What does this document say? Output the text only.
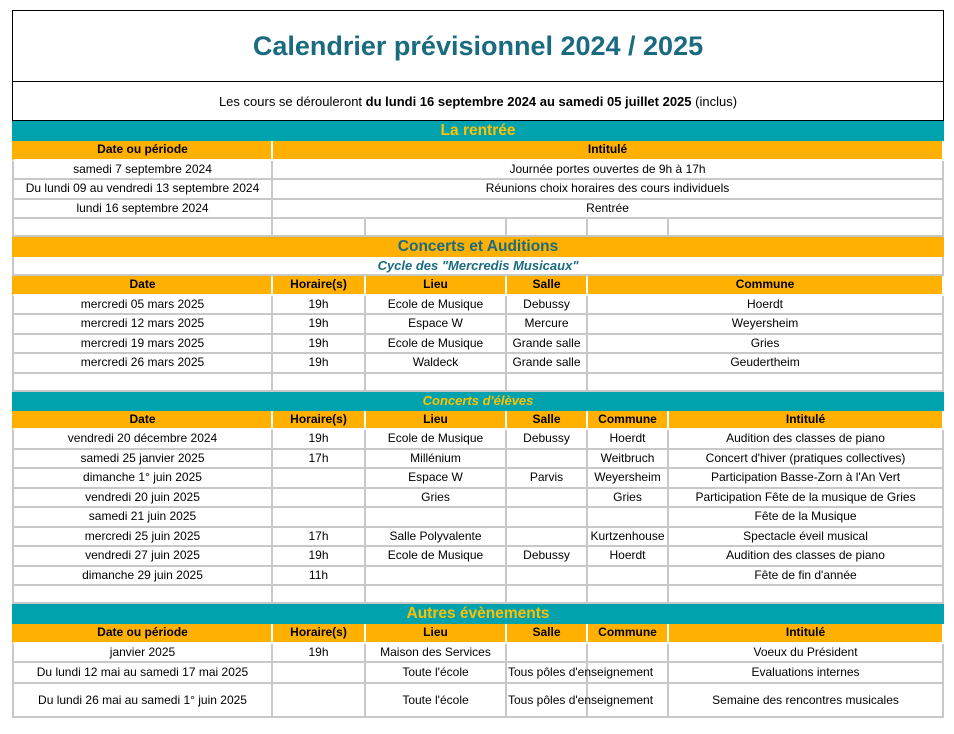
Calendrier prévisionnel 2024 / 2025
Les cours se dérouleront du lundi 16 septembre 2024 au samedi 05 juillet 2025 (inclus)
La rentrée					
Date ou période	Intitulé				
samedi 7 septembre 2024	Journée portes ouvertes de 9h à 17h				
Du lundi 09 au vendredi 13 septembre 2024	Réunions choix horaires des cours individuels				
lundi 16 septembre 2024	Rentrée				

Concerts et Auditions					
Cycle des "Mercredis Musicaux"					
Date	Horaire(s)	Lieu	Salle	Commune	
mercredi 05 mars 2025	19h	Ecole de Musique	Debussy	Hoerdt	
mercredi 12 mars 2025	19h	Espace W	Mercure	Weyersheim	
mercredi 19 mars 2025	19h	Ecole de Musique	Grande salle	Gries	
mercredi 26 mars 2025	19h	Waldeck	Grande salle	Geudertheim	

Concerts d'élèves					
Date	Horaire(s)	Lieu	Salle	Commune	Intitulé
vendredi 20 décembre 2024	19h	Ecole de Musique	Debussy	Hoerdt	Audition des classes de piano
samedi 25 janvier 2025	17h	Millénium		Weitbruch	Concert d'hiver (pratiques collectives)
dimanche 1° juin 2025		Espace W	Parvis	Weyersheim	Participation Basse-Zorn à l'An Vert
vendredi 20 juin 2025		Gries		Gries	Participation Fête de la musique de Gries
samedi 21 juin 2025					Fête de la Musique
mercredi 25 juin 2025	17h	Salle Polyvalente		Kurtzenhouse	Spectacle éveil musical
vendredi 27 juin 2025	19h	Ecole de Musique	Debussy	Hoerdt	Audition des classes de piano
dimanche 29 juin 2025	11h				Fête de fin d'année

Autres évènements					
Date ou période	Horaire(s)	Lieu	Salle	Commune	Intitulé
janvier 2025	19h	Maison des Services			Voeux du Président
Du lundi 12 mai au samedi 17 mai 2025		Toute l'école	Tous pôles d'enseignement		Evaluations internes
Du lundi 26 mai au samedi 1° juin 2025		Toute l'école	Tous pôles d'enseignement		Semaine des rencontres musicales
